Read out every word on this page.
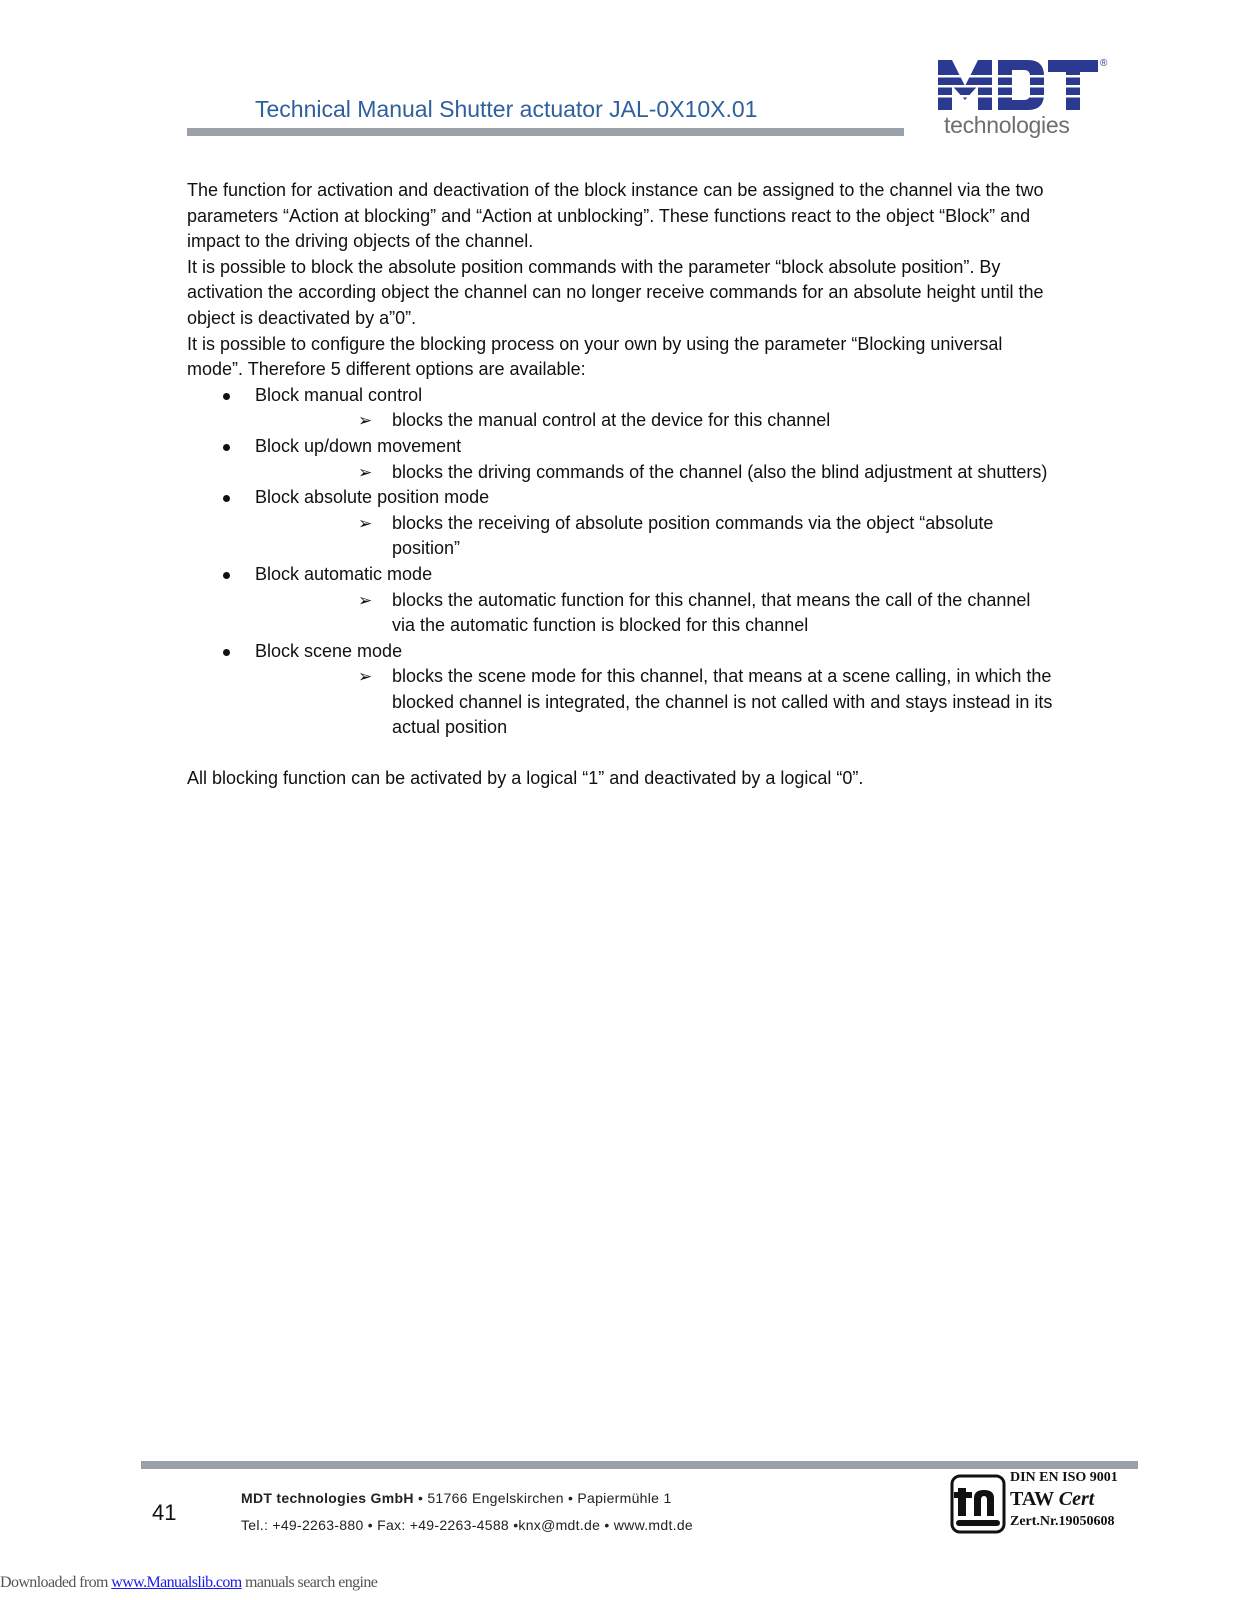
Technical Manual Shutter actuator JAL-0X10X.01
®
technologies

The function for activation and deactivation of the block instance can be assigned to the channel via the two parameters “Action at blocking” and “Action at unblocking”. These functions react to the object “Block” and impact to the driving objects of the channel.

It is possible to block the absolute position commands with the parameter “block absolute position”. By activation the according object the channel can no longer receive commands for an absolute height until the object is deactivated by a”0”.

It is possible to configure the blocking process on your own by using the parameter “Blocking universal mode”. Therefore 5 different options are available:

Block manual control
➢ blocks the manual control at the device for this channel
Block up/down movement
➢ blocks the driving commands of the channel (also the blind adjustment at shutters)
Block absolute position mode
➢ blocks the receiving of absolute position commands via the object “absolute position”
Block automatic mode
➢ blocks the automatic function for this channel, that means the call of the channel via the automatic function is blocked for this channel
Block scene mode
➢ blocks the scene mode for this channel, that means at a scene calling, in which the blocked channel is integrated, the channel is not called with and stays instead in its actual position

All blocking function can be activated by a logical “1” and deactivated by a logical “0”.

41
MDT technologies GmbH • 51766 Engelskirchen • Papiermühle 1
Tel.: +49-2263-880 • Fax: +49-2263-4588 •knx@mdt.de • www.mdt.de
DIN EN ISO 9001
TAW Cert
Zert.Nr.19050608
Downloaded from www.Manualslib.com manuals search engine
